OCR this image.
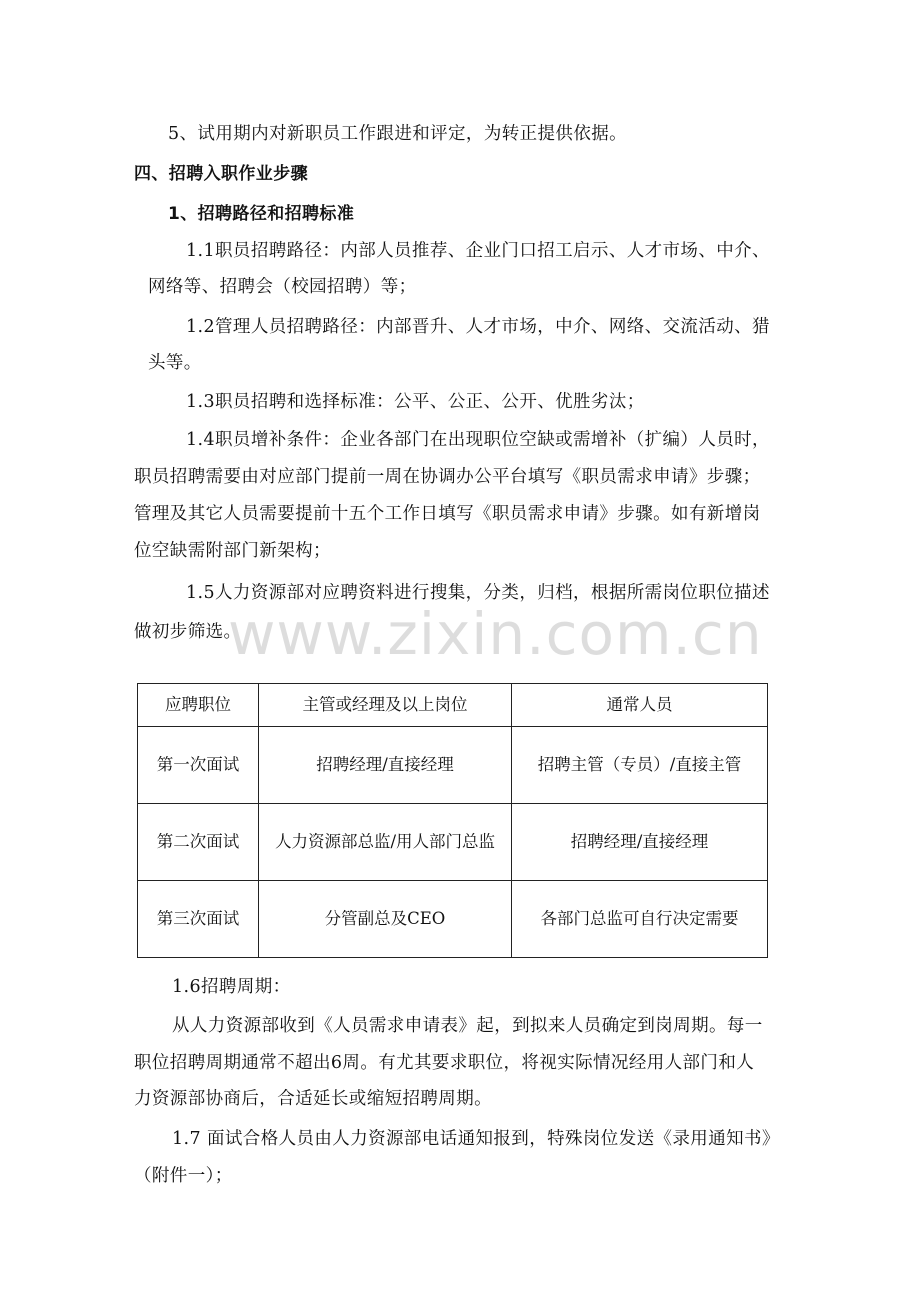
5、试用期内对新职员工作跟进和评定，为转正提供依据。
四、招聘入职作业步骤
1、招聘路径和招聘标准
1.1职员招聘路径：内部人员推荐、企业门口招工启示、人才市场、中介、
网络等、招聘会（校园招聘）等；
1.2管理人员招聘路径：内部晋升、人才市场，中介、网络、交流活动、猎
头等。
1.3职员招聘和选择标准：公平、公正、公开、优胜劣汰；
1.4职员增补条件：企业各部门在出现职位空缺或需增补（扩编）人员时，
职员招聘需要由对应部门提前一周在协调办公平台填写《职员需求申请》步骤；
管理及其它人员需要提前十五个工作日填写《职员需求申请》步骤。如有新增岗
位空缺需附部门新架构；
1.5人力资源部对应聘资料进行搜集，分类，归档，根据所需岗位职位描述
做初步筛选。
www.zixin.com.cn
应聘职位	主管或经理及以上岗位	通常人员
第一次面试	招聘经理/直接经理	招聘主管（专员）/直接主管
第二次面试	人力资源部总监/用人部门总监	招聘经理/直接经理
第三次面试	分管副总及CEO	各部门总监可自行决定需要
1.6招聘周期：
从人力资源部收到《人员需求申请表》起，到拟来人员确定到岗周期。每一
职位招聘周期通常不超出6周。有尤其要求职位，将视实际情况经用人部门和人
力资源部协商后，合适延长或缩短招聘周期。
1.7 面试合格人员由人力资源部电话通知报到，特殊岗位发送《录用通知书》
（附件一）；
